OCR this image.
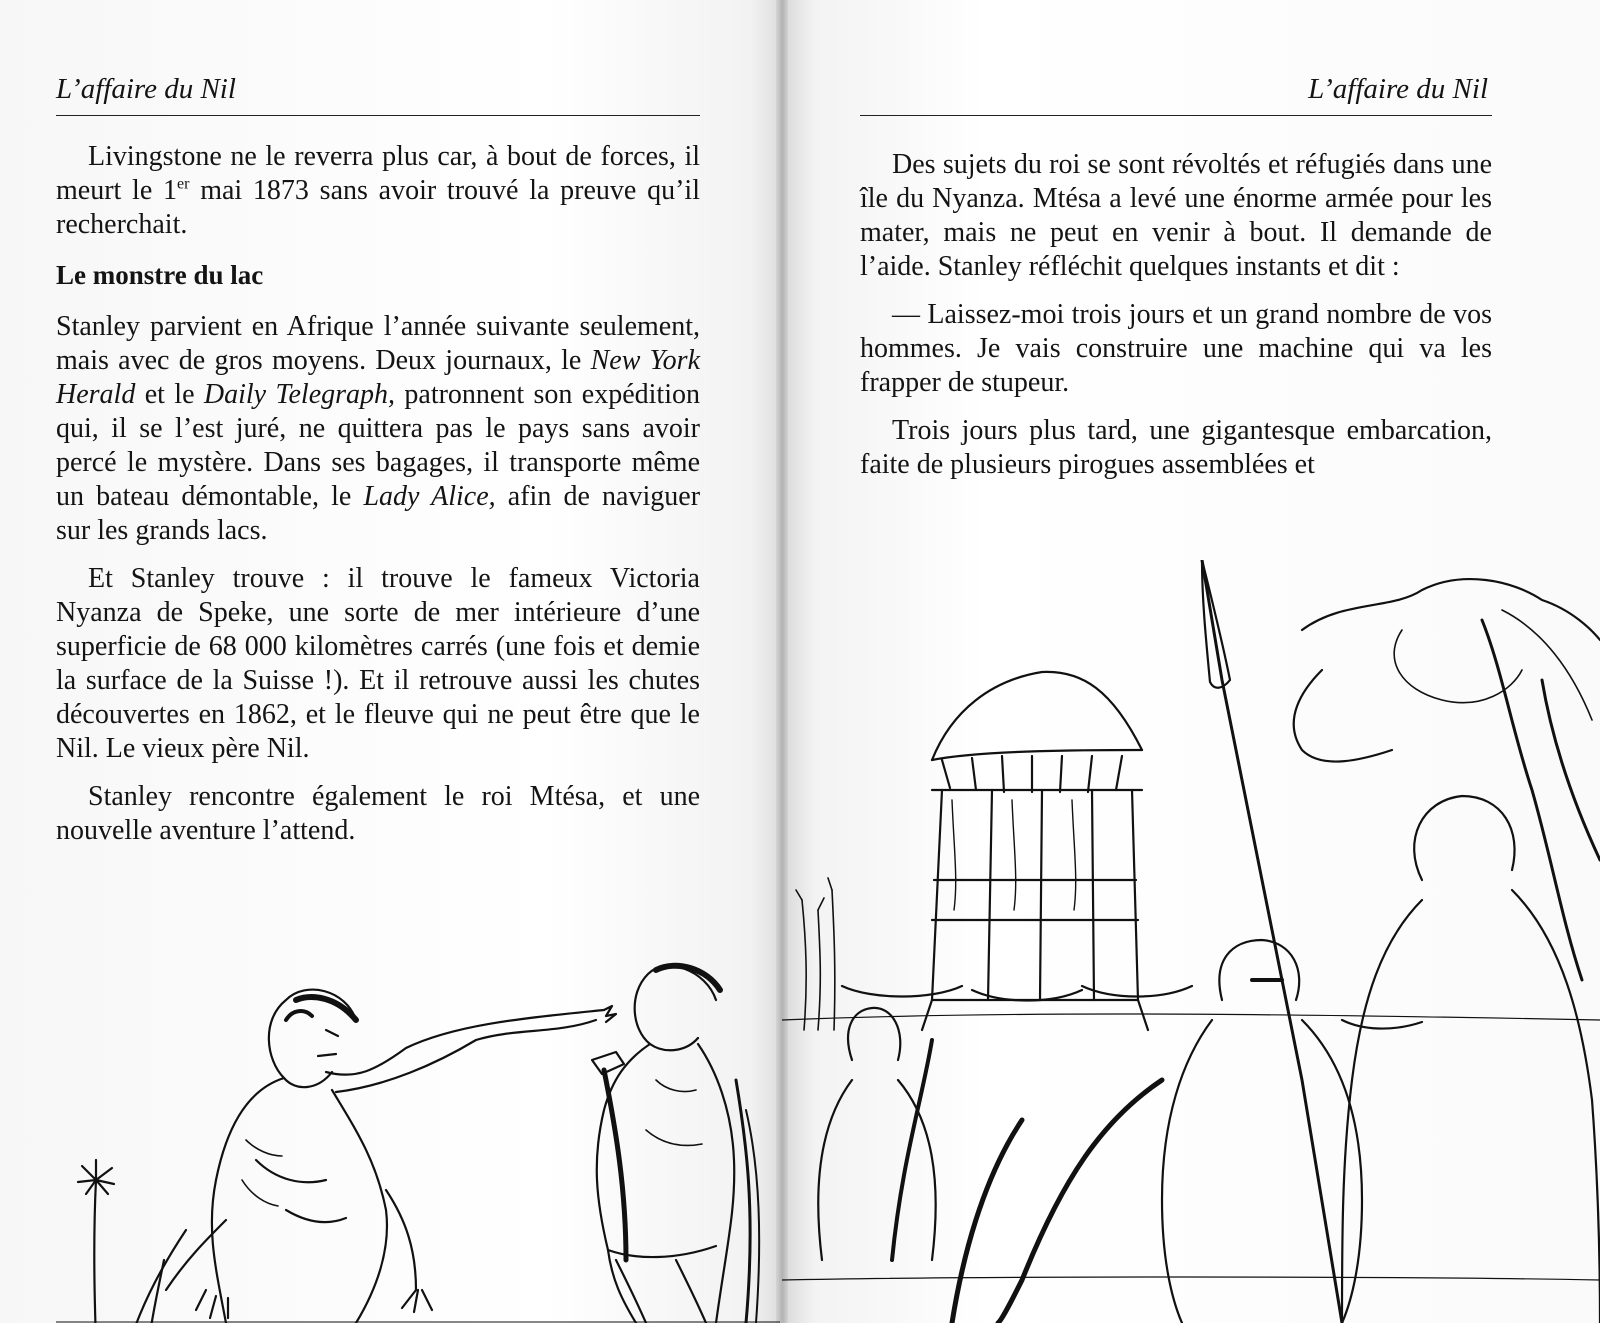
L’affaire du Nil

Livingstone ne le reverra plus car, à bout de forces, il meurt le 1er mai 1873 sans avoir trouvé la preuve qu’il recherchait.

Le monstre du lac

Stanley parvient en Afrique l’année suivante seulement, mais avec de gros moyens. Deux journaux, le New York Herald et le Daily Telegraph, patronnent son expédition qui, il se l’est juré, ne quittera pas le pays sans avoir percé le mystère. Dans ses bagages, il transporte même un bateau démontable, le Lady Alice, afin de naviguer sur les grands lacs.

Et Stanley trouve : il trouve le fameux Victoria Nyanza de Speke, une sorte de mer intérieure d’une superficie de 68 000 kilomètres carrés (une fois et demie la surface de la Suisse !). Et il retrouve aussi les chutes découvertes en 1862, et le fleuve qui ne peut être que le Nil. Le vieux père Nil.

Stanley rencontre également le roi Mtésa, et une nouvelle aventure l’attend.

L’affaire du Nil

Des sujets du roi se sont révoltés et réfugiés dans une île du Nyanza. Mtésa a levé une énorme armée pour les mater, mais ne peut en venir à bout. Il demande de l’aide. Stanley réfléchit quelques instants et dit :

— Laissez-moi trois jours et un grand nombre de vos hommes. Je vais construire une machine qui va les frapper de stupeur.

Trois jours plus tard, une gigantesque embarcation, faite de plusieurs pirogues assemblées et
